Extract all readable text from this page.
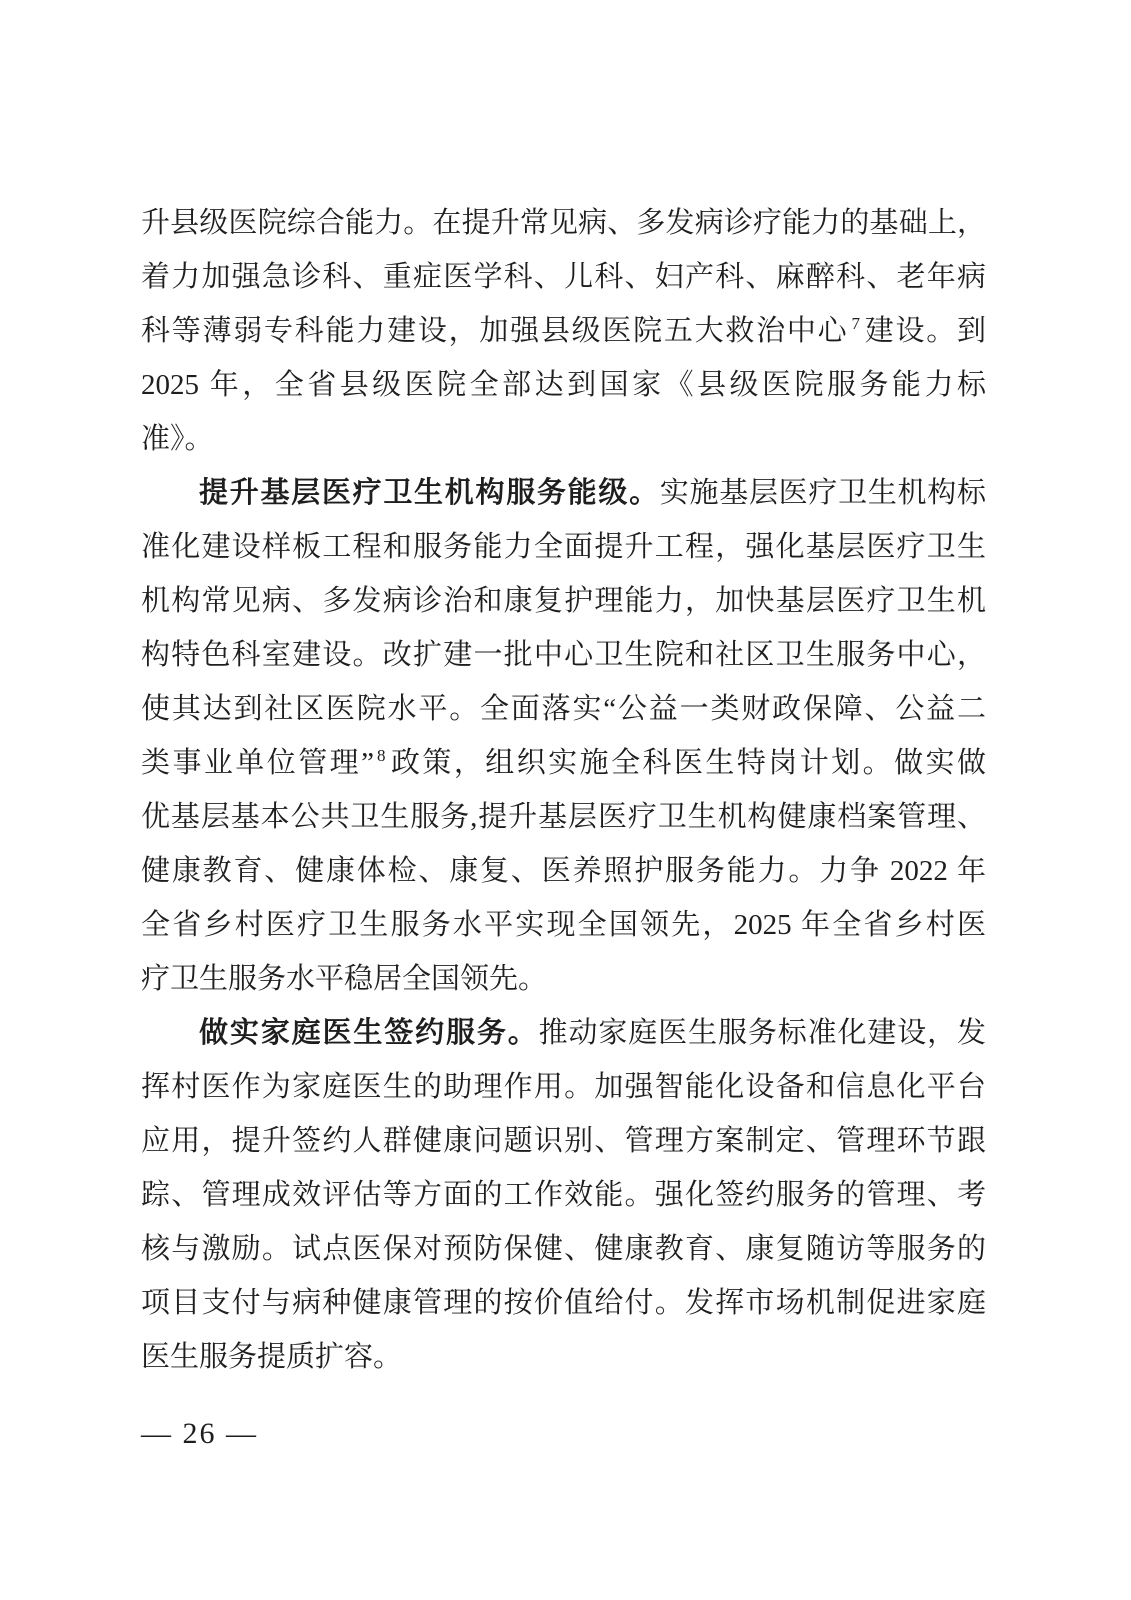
升县级医院综合能力。在提升常见病、多发病诊疗能力的基础上，
着力加强急诊科、重症医学科、儿科、妇产科、麻醉科、老年病
科等薄弱专科能力建设，加强县级医院五大救治中心 $^7$ 建设。到
2025 年，全省县级医院全部达到国家《县级医院服务能力标
准》。
提升基层医疗卫生机构服务能级。实施基层医疗卫生机构标
准化建设样板工程和服务能力全面提升工程，强化基层医疗卫生
机构常见病、多发病诊治和康复护理能力，加快基层医疗卫生机
构特色科室建设。改扩建一批中心卫生院和社区卫生服务中心，
使其达到社区医院水平。全面落实“公益一类财政保障、公益二
类事业单位管理” $^8$ 政策，组织实施全科医生特岗计划。做实做
优基层基本公共卫生服务,提升基层医疗卫生机构健康档案管理、
健康教育、健康体检、康复、医养照护服务能力。力争 2022 年
全省乡村医疗卫生服务水平实现全国领先，2025 年全省乡村医
疗卫生服务水平稳居全国领先。
做实家庭医生签约服务。推动家庭医生服务标准化建设，发
挥村医作为家庭医生的助理作用。加强智能化设备和信息化平台
应用，提升签约人群健康问题识别、管理方案制定、管理环节跟
踪、管理成效评估等方面的工作效能。强化签约服务的管理、考
核与激励。试点医保对预防保健、健康教育、康复随访等服务的
项目支付与病种健康管理的按价值给付。发挥市场机制促进家庭
医生服务提质扩容。
— 26 —
